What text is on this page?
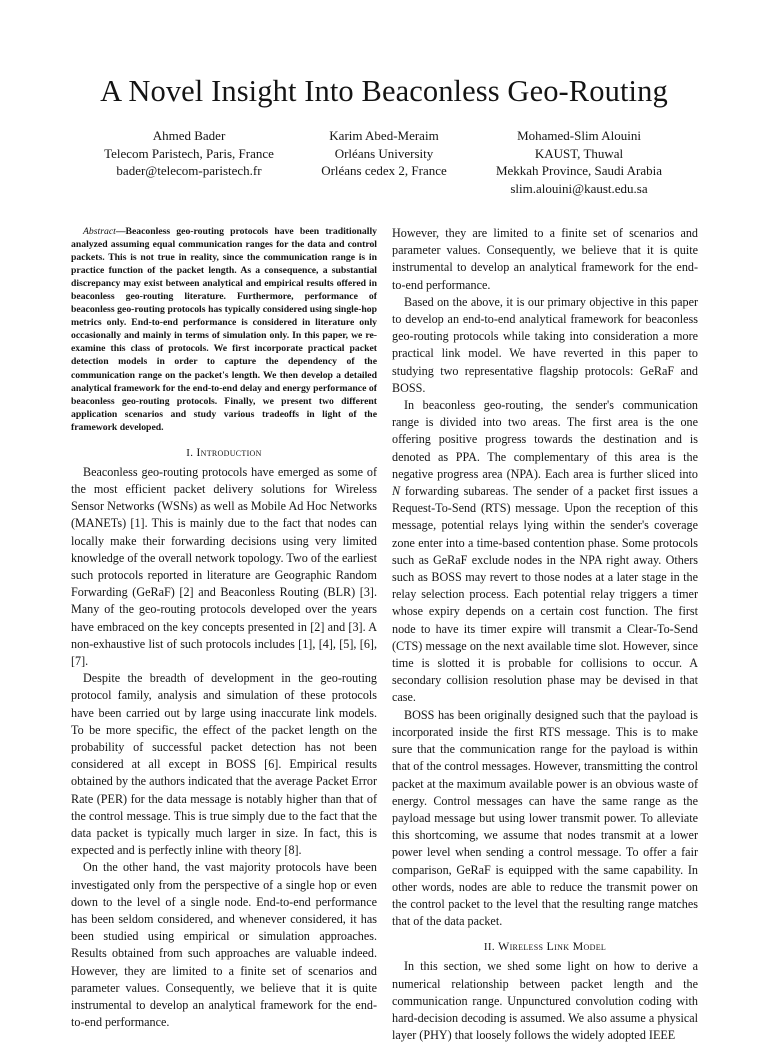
A Novel Insight Into Beaconless Geo-Routing
Ahmed Bader
Telecom Paristech, Paris, France
bader@telecom-paristech.fr
Karim Abed-Meraim
Orléans University
Orléans cedex 2, France
Mohamed-Slim Alouini
KAUST, Thuwal
Mekkah Province, Saudi Arabia
slim.alouini@kaust.edu.sa

Abstract—Beaconless geo-routing protocols have been traditionally analyzed assuming equal communication ranges for the data and control packets. This is not true in reality, since the communication range is in practice function of the packet length. As a consequence, a substantial discrepancy may exist between analytical and empirical results offered in beaconless geo-routing literature. Furthermore, performance of beaconless geo-routing protocols has typically considered using single-hop metrics only. End-to-end performance is considered in literature only occasionally and mainly in terms of simulation only. In this paper, we re-examine this class of protocols. We first incorporate practical packet detection models in order to capture the dependency of the communication range on the packet's length. We then develop a detailed analytical framework for the end-to-end delay and energy performance of beaconless geo-routing protocols. Finally, we present two different application scenarios and study various tradeoffs in light of the framework developed.

I. Introduction

Beaconless geo-routing protocols have emerged as some of the most efficient packet delivery solutions for Wireless Sensor Networks (WSNs) as well as Mobile Ad Hoc Networks (MANETs) [1]. This is mainly due to the fact that nodes can locally make their forwarding decisions using very limited knowledge of the overall network topology. Two of the earliest such protocols reported in literature are Geographic Random Forwarding (GeRaF) [2] and Beaconless Routing (BLR) [3]. Many of the geo-routing protocols developed over the years have embraced on the key concepts presented in [2] and [3]. A non-exhaustive list of such protocols includes [1], [4], [5], [6], [7].

Despite the breadth of development in the geo-routing protocol family, analysis and simulation of these protocols have been carried out by large using inaccurate link models. To be more specific, the effect of the packet length on the probability of successful packet detection has not been considered at all except in BOSS [6]. Empirical results obtained by the authors indicated that the average Packet Error Rate (PER) for the data message is notably higher than that of the control message. This is true simply due to the fact that the data packet is typically much larger in size. In fact, this is expected and is perfectly inline with theory [8].

On the other hand, the vast majority protocols have been investigated only from the perspective of a single hop or even down to the level of a single node. End-to-end performance has been seldom considered, and whenever considered, it has been studied using empirical or simulation approaches. Results obtained from such approaches are valuable indeed. However, they are limited to a finite set of scenarios and parameter values. Consequently, we believe that it is quite instrumental to develop an analytical framework for the end-to-end performance.

However, they are limited to a finite set of scenarios and parameter values. Consequently, we believe that it is quite instrumental to develop an analytical framework for the end-to-end performance.

Based on the above, it is our primary objective in this paper to develop an end-to-end analytical framework for beaconless geo-routing protocols while taking into consideration a more practical link model. We have reverted in this paper to studying two representative flagship protocols: GeRaF and BOSS.

In beaconless geo-routing, the sender's communication range is divided into two areas. The first area is the one offering positive progress towards the destination and is denoted as PPA. The complementary of this area is the negative progress area (NPA). Each area is further sliced into N forwarding subareas. The sender of a packet first issues a Request-To-Send (RTS) message. Upon the reception of this message, potential relays lying within the sender's coverage zone enter into a time-based contention phase. Some protocols such as GeRaF exclude nodes in the NPA right away. Others such as BOSS may revert to those nodes at a later stage in the relay selection process. Each potential relay triggers a timer whose expiry depends on a certain cost function. The first node to have its timer expire will transmit a Clear-To-Send (CTS) message on the next available time slot. However, since time is slotted it is probable for collisions to occur. A secondary collision resolution phase may be devised in that case.

BOSS has been originally designed such that the payload is incorporated inside the first RTS message. This is to make sure that the communication range for the payload is within that of the control messages. However, transmitting the control packet at the maximum available power is an obvious waste of energy. Control messages can have the same range as the payload message but using lower transmit power. To alleviate this shortcoming, we assume that nodes transmit at a lower power level when sending a control message. To offer a fair comparison, GeRaF is equipped with the same capability. In other words, nodes are able to reduce the transmit power on the control packet to the level that the resulting range matches that of the data packet.

II. Wireless Link Model

In this section, we shed some light on how to derive a numerical relationship between packet length and the communication range. Unpunctured convolution coding with hard-decision decoding is assumed. We also assume a physical layer (PHY) that loosely follows the widely adopted IEEE
